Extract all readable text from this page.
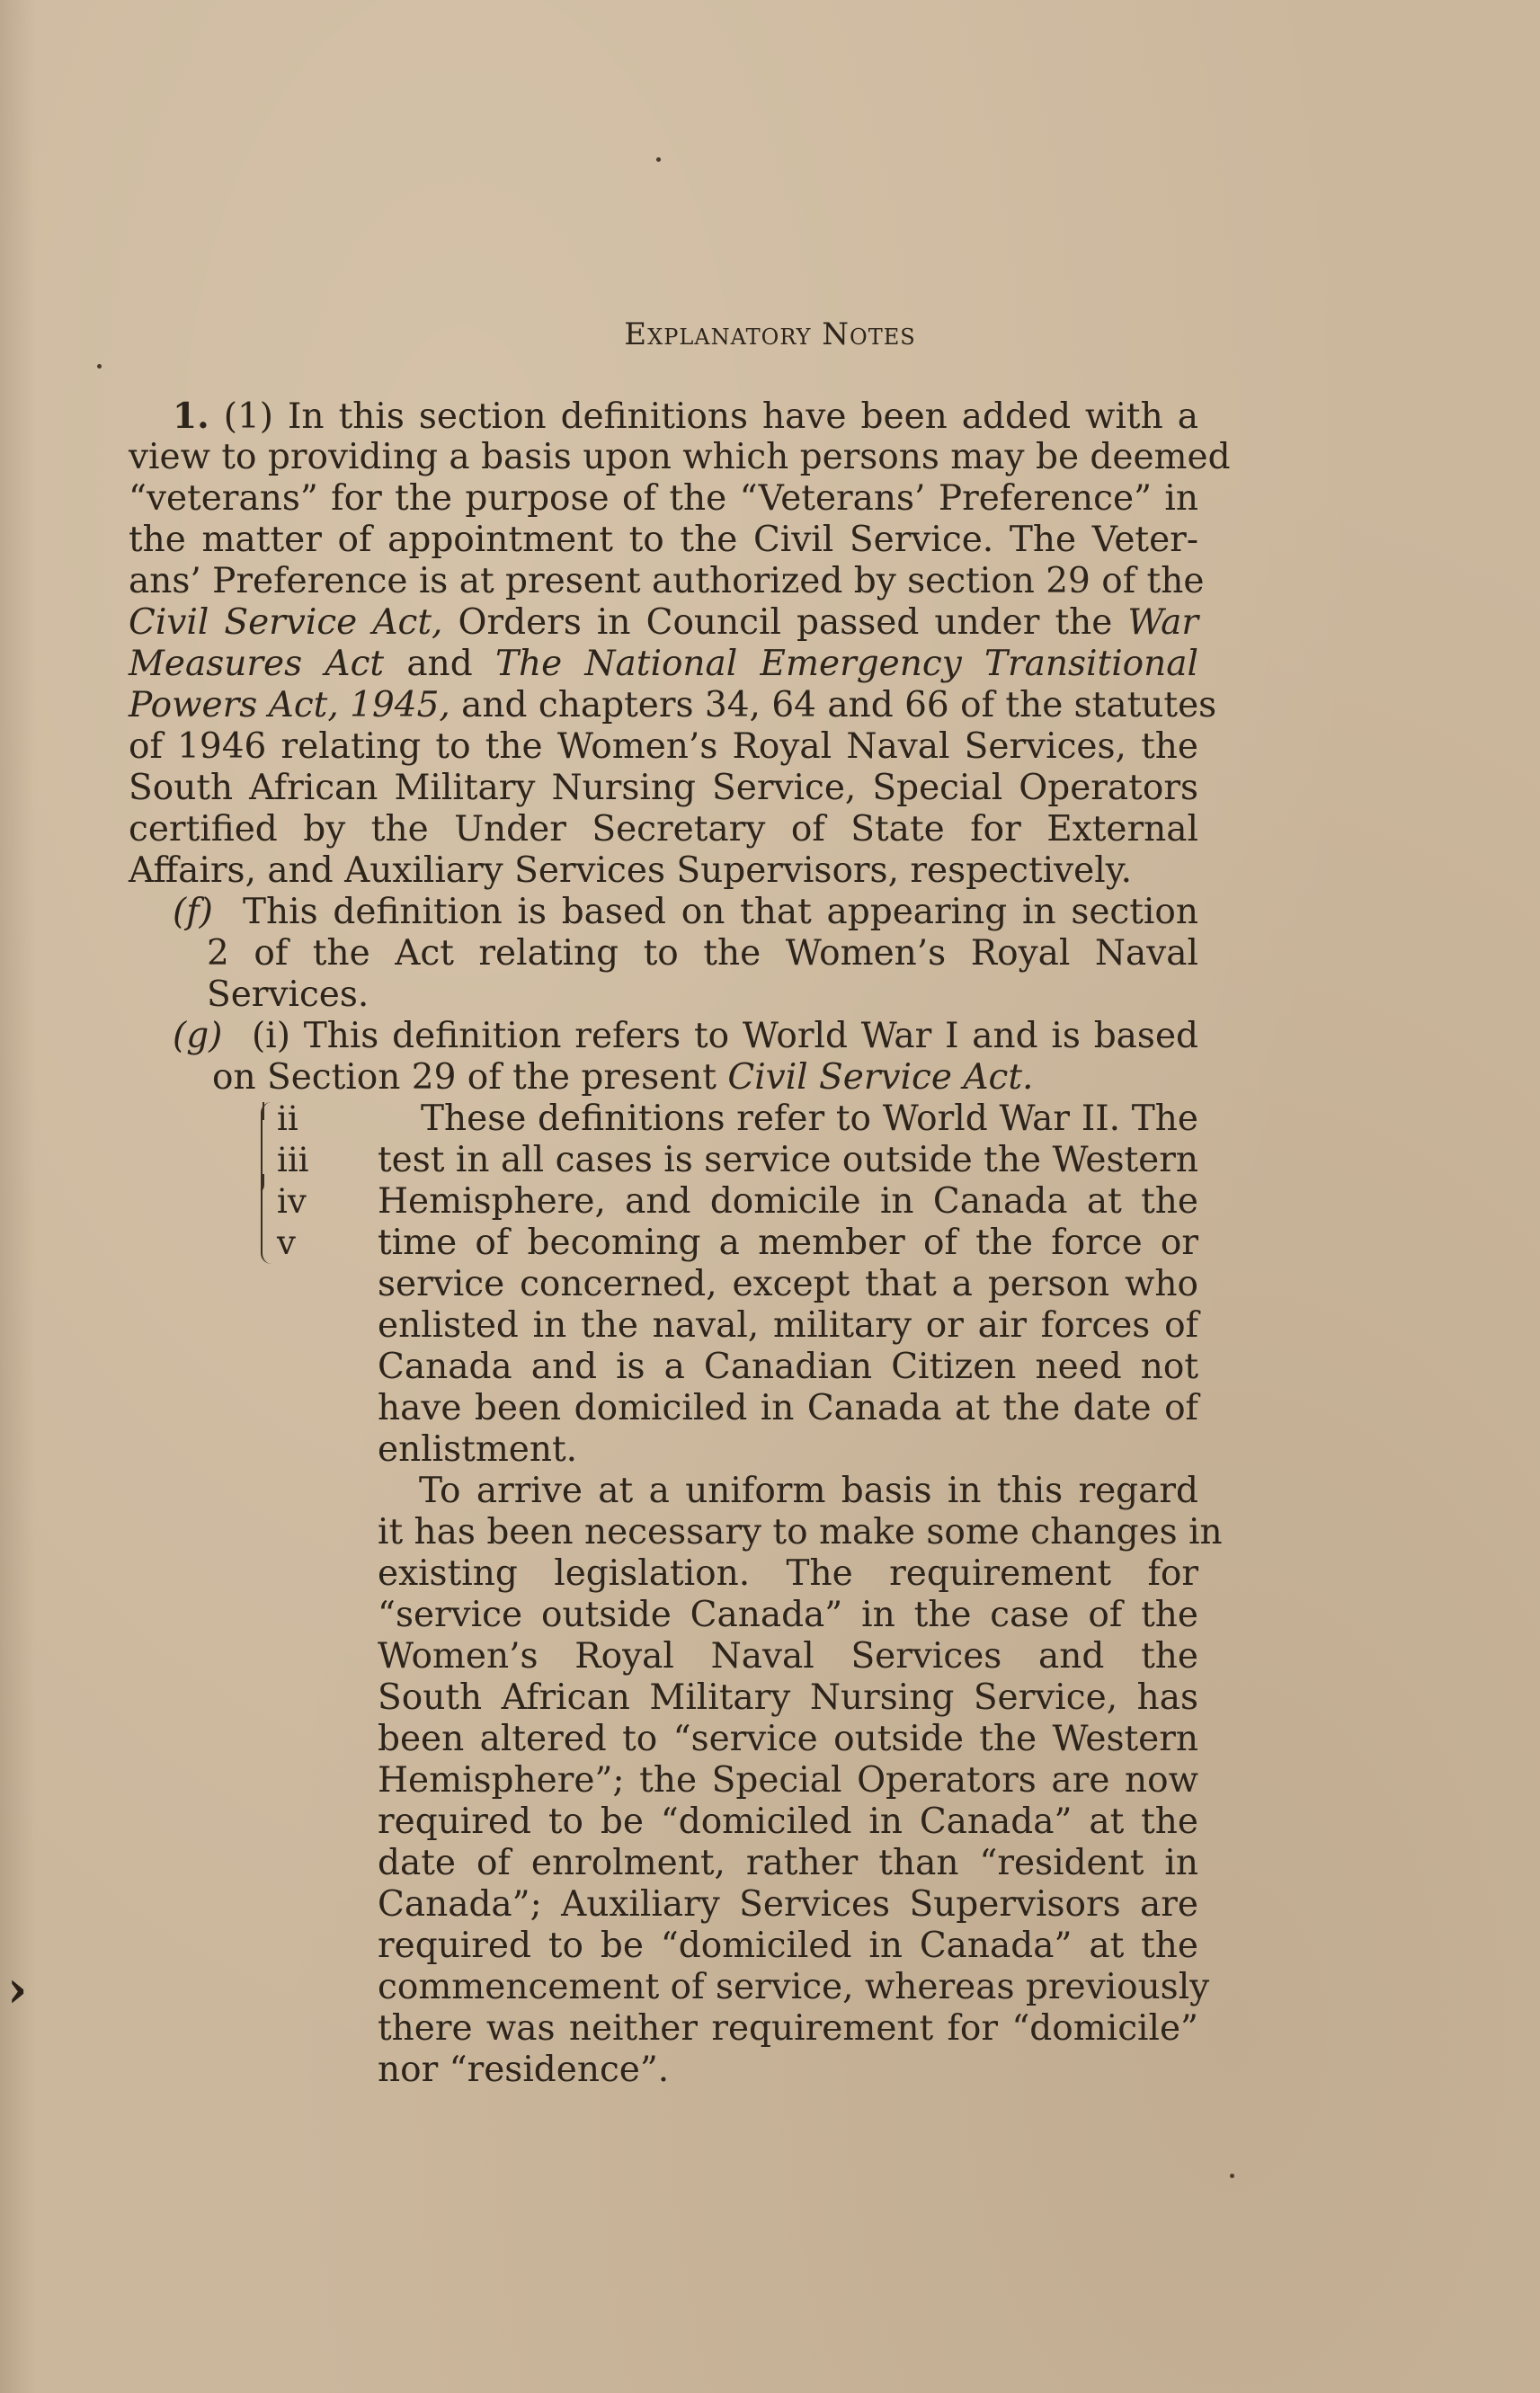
Explanatory Notes
1. (1) In this section definitions have been added with a
view to providing a basis upon which persons may be deemed
“veterans” for the purpose of the “Veterans’ Preference” in
the matter of appointment to the Civil Service. The Veter-
ans’ Preference is at present authorized by section 29 of the
Civil Service Act, Orders in Council passed under the War
Measures Act and The National Emergency Transitional
Powers Act, 1945, and chapters 34, 64 and 66 of the statutes
of 1946 relating to the Women’s Royal Naval Services, the
South African Military Nursing Service, Special Operators
certified by the Under Secretary of State for External
Affairs, and Auxiliary Services Supervisors, respectively.
(f) This definition is based on that appearing in section
2 of the Act relating to the Women’s Royal Naval
Services.
(g) (i) This definition refers to World War I and is based
on Section 29 of the present Civil Service Act.
ii
iii
iv
v
These definitions refer to World War II. The
test in all cases is service outside the Western
Hemisphere, and domicile in Canada at the
time of becoming a member of the force or
service concerned, except that a person who
enlisted in the naval, military or air forces of
Canada and is a Canadian Citizen need not
have been domiciled in Canada at the date of
enlistment.
To arrive at a uniform basis in this regard
it has been necessary to make some changes in
existing legislation. The requirement for
“service outside Canada” in the case of the
Women’s Royal Naval Services and the
South African Military Nursing Service, has
been altered to “service outside the Western
Hemisphere”; the Special Operators are now
required to be “domiciled in Canada” at the
date of enrolment, rather than “resident in
Canada”; Auxiliary Services Supervisors are
required to be “domiciled in Canada” at the
commencement of service, whereas previously
there was neither requirement for “domicile”
nor “residence”.
›
